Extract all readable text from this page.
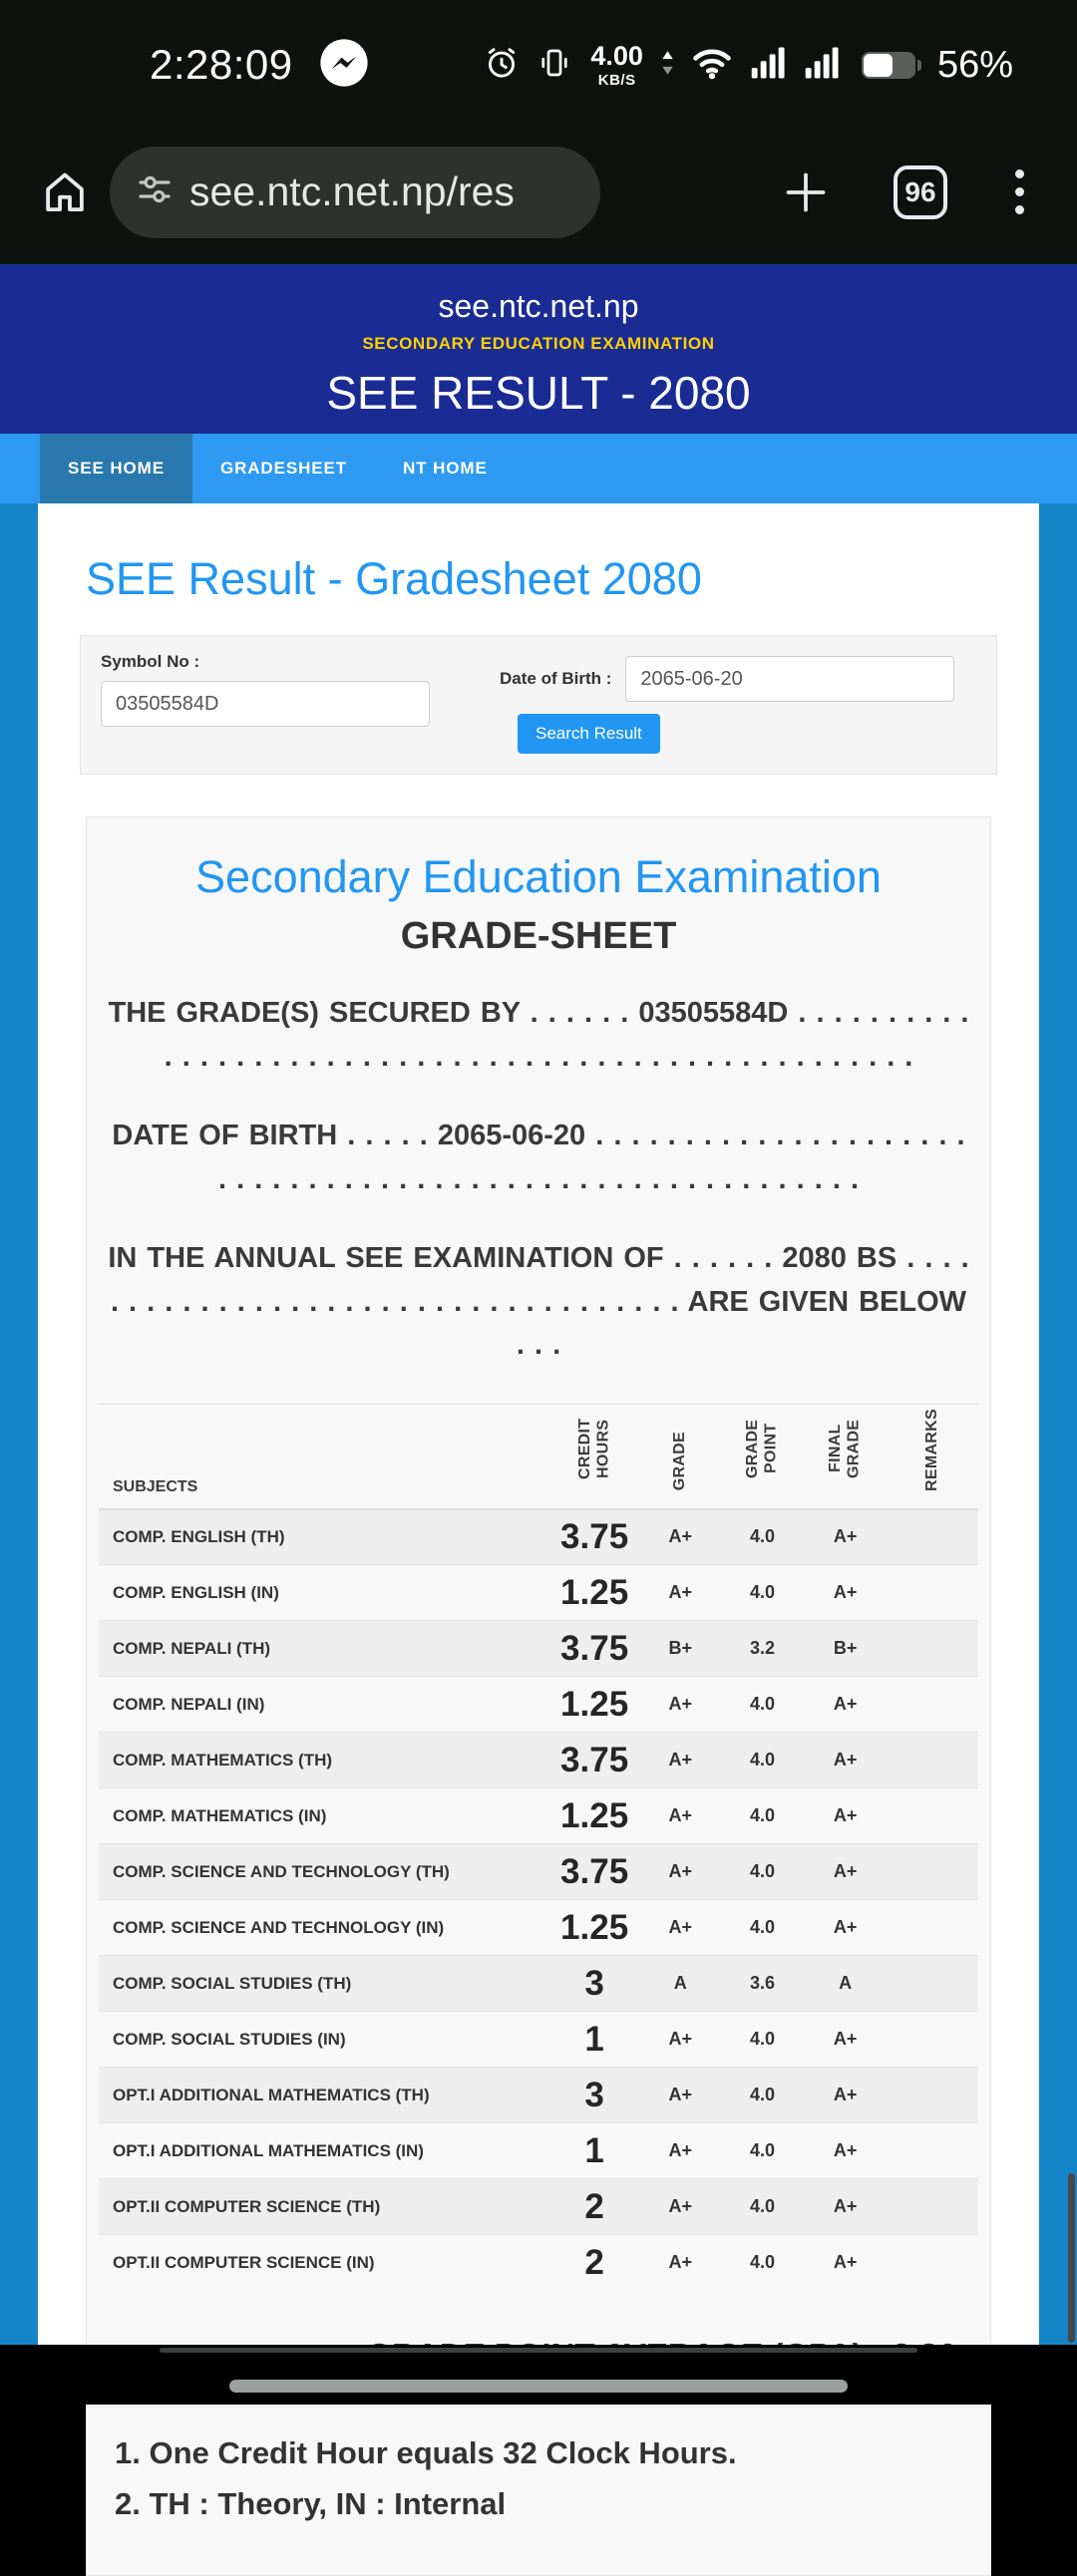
2:28:09	4.00
KB/S	56%
see.ntc.net.np/res	96
see.ntc.net.np
SECONDARY EDUCATION EXAMINATION
SEE RESULT - 2080
SEE HOME	GRADESHEET	NT HOME
SEE Result - Gradesheet 2080
Symbol No :
03505584D
Date of Birth :
2065-06-20
Search Result
Secondary Education Examination
GRADE-SHEET

THE GRADE(S) SECURED BY . . . . . . 03505584D . . . . . . . . . . . . . . . . . . . . . . . . . . . . . . . . . . . . . . . . . . . . . . . . . . . .

DATE OF BIRTH . . . . . 2065-06-20 . . . . . . . . . . . . . . . . . . . . . . . . . . . . . . . . . . . . . . . . . . . . . . . . . . . . . . . . .

IN THE ANNUAL SEE EXAMINATION OF . . . . . . 2080 BS . . . . . . . . . . . . . . . . . . . . . . . . . . . . . . . . . . . . ARE GIVEN BELOW . . .

SUBJECTS	CREDIT HOURS	GRADE	GRADE POINT	FINAL GRADE	REMARKS
COMP. ENGLISH (TH)	3.75	A+	4.0	A+	
COMP. ENGLISH (IN)	1.25	A+	4.0	A+	
COMP. NEPALI (TH)	3.75	B+	3.2	B+	
COMP. NEPALI (IN)	1.25	A+	4.0	A+	
COMP. MATHEMATICS (TH)	3.75	A+	4.0	A+	
COMP. MATHEMATICS (IN)	1.25	A+	4.0	A+	
COMP. SCIENCE AND TECHNOLOGY (TH)	3.75	A+	4.0	A+	
COMP. SCIENCE AND TECHNOLOGY (IN)	1.25	A+	4.0	A+	
COMP. SOCIAL STUDIES (TH)	3	A	3.6	A	
COMP. SOCIAL STUDIES (IN)	1	A+	4.0	A+	
OPT.I ADDITIONAL MATHEMATICS (TH)	3	A+	4.0	A+	
OPT.I ADDITIONAL MATHEMATICS (IN)	1	A+	4.0	A+	
OPT.II COMPUTER SCIENCE (TH)	2	A+	4.0	A+	
OPT.II COMPUTER SCIENCE (IN)	2	A+	4.0	A+	

1. One Credit Hour equals 32 Clock Hours.

2. TH : Theory, IN : Internal
